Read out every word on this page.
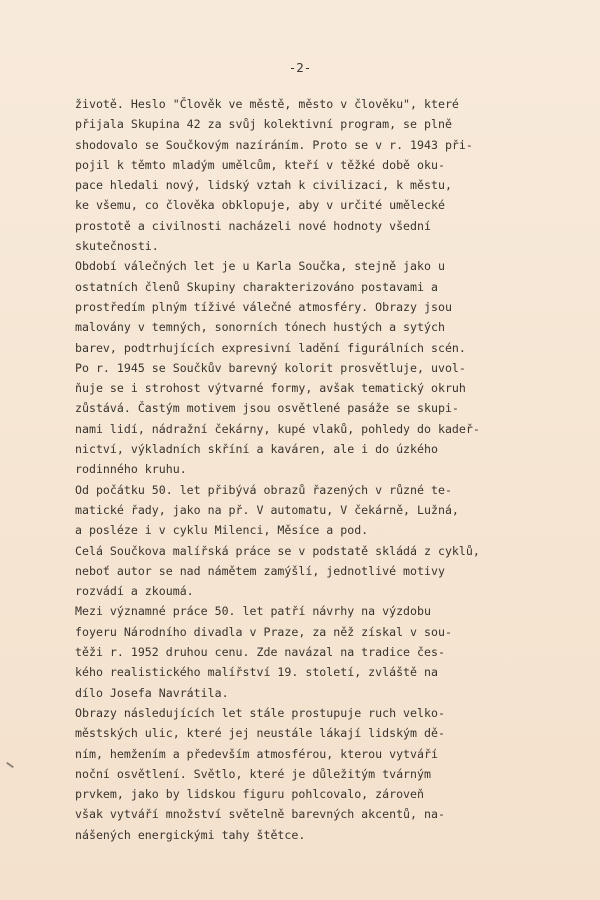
-2-
životě. Heslo "Člověk ve městě, město v člověku", které
přijala Skupina 42 za svůj kolektivní program, se plně
shodovalo se Součkovým nazíráním. Proto se v r. 1943 při-
pojil k těmto mladým umělcům, kteří v těžké době oku-
pace hledali nový, lidský vztah k civilizaci, k městu,
ke všemu, co člověka obklopuje, aby v určité umělecké
prostotě a civilnosti nacházeli nové hodnoty všední
skutečnosti.
Období válečných let je u Karla Součka, stejně jako u
ostatních členů Skupiny charakterizováno postavami a
prostředím plným tíživé válečné atmosféry. Obrazy jsou
malovány v temných, sonorních tónech hustých a sytých
barev, podtrhujících expresivní ladění figurálních scén.
Po r. 1945 se Součkův barevný kolorit prosvětluje, uvol-
ňuje se i strohost výtvarné formy, avšak tematický okruh
zůstává. Častým motivem jsou osvětlené pasáže se skupi-
nami lidí, nádražní čekárny, kupé vlaků, pohledy do kadeř-
nictví, výkladních skříní a kaváren, ale i do úzkého
rodinného kruhu.
Od počátku 50. let přibývá obrazů řazených v různé te-
matické řady, jako na př. V automatu, V čekárně, Lužná,
a posléze i v cyklu Milenci, Měsíce a pod.
Celá Součkova malířská práce se v podstatě skládá z cyklů,
neboť autor se nad námětem zamýšlí, jednotlivé motivy
rozvádí a zkoumá.
Mezi významné práce 50. let patří návrhy na výzdobu
foyeru Národního divadla v Praze, za něž získal v sou-
těži r. 1952 druhou cenu. Zde navázal na tradice čes-
kého realistického malířství 19. století, zvláště na
dílo Josefa Navrátila.
Obrazy následujících let stále prostupuje ruch velko-
městských ulic, které jej neustále lákají lidským dě-
ním, hemžením a především atmosférou, kterou vytváří
noční osvětlení. Světlo, které je důležitým tvárným
prvkem, jako by lidskou figuru pohlcovalo, zároveň
však vytváří množství světelně barevných akcentů, na-
nášených energickými tahy štětce.
